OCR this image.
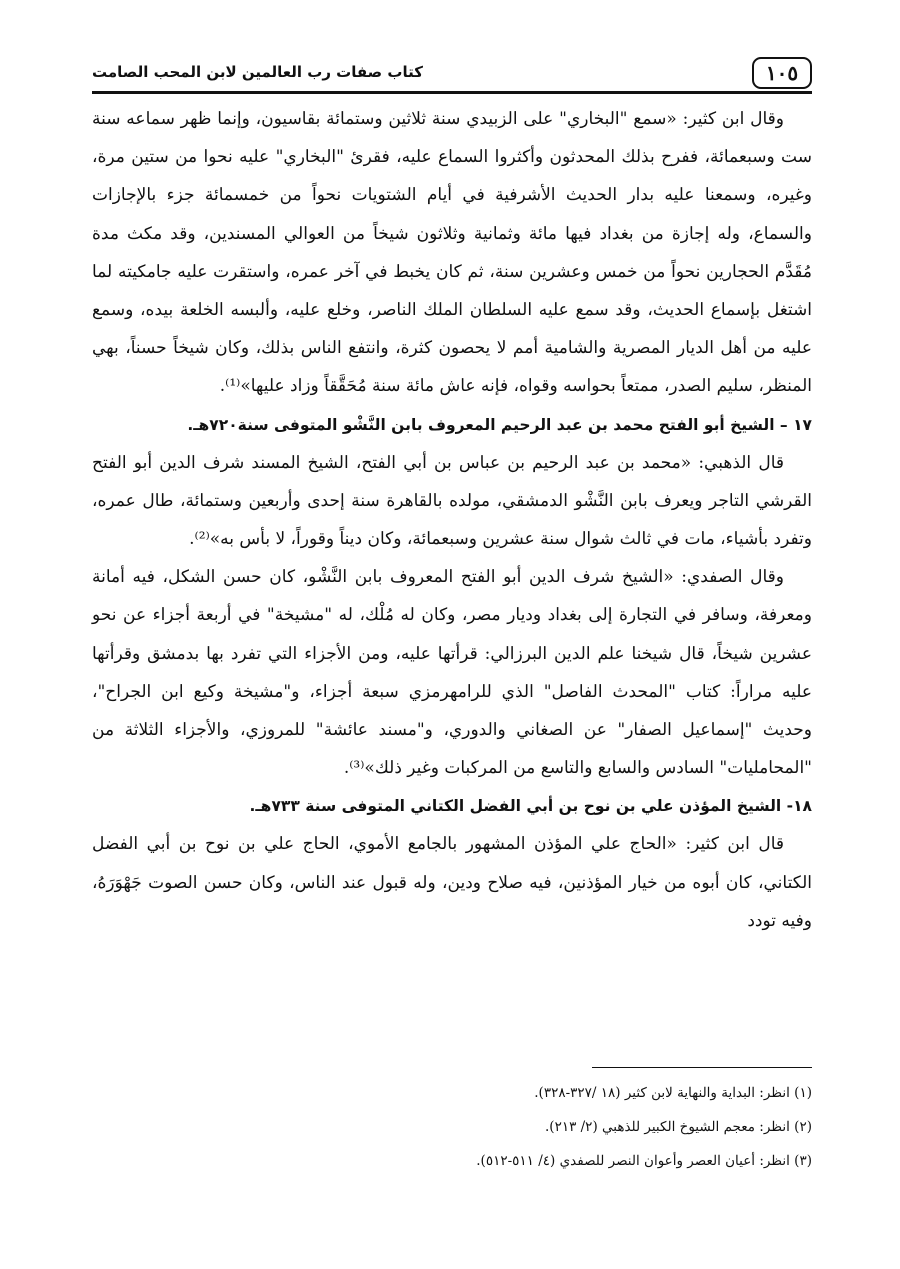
١٠٥
كتاب صفات رب العالمين لابن المحب الصامت

وقال ابن كثير: «سمع "البخاري" على الزبيدي سنة ثلاثين وستمائة بقاسيون، وإنما ظهر سماعه سنة ست وسبعمائة، ففرح بذلك المحدثون وأكثروا السماع عليه، فقرئ "البخاري" عليه نحوا من ستين مرة، وغيره، وسمعنا عليه بدار الحديث الأشرفية في أيام الشتويات نحواً من خمسمائة جزء بالإجازات والسماع، وله إجازة من بغداد فيها مائة وثمانية وثلاثون شيخاً من العوالي المسندين، وقد مكث مدة مُقَدَّم الحجارين نحواً من خمس وعشرين سنة، ثم كان يخبط في آخر عمره، واستقرت عليه جامكيته لما اشتغل بإسماع الحديث، وقد سمع عليه السلطان الملك الناصر، وخلع عليه، وألبسه الخلعة بيده، وسمع عليه من أهل الديار المصرية والشامية أمم لا يحصون كثرة، وانتفع الناس بذلك، وكان شيخاً حسناً، بهي المنظر، سليم الصدر، ممتعاً بحواسه وقواه، فإنه عاش مائة سنة مُحَقَّقاً وزاد عليها»⁽¹⁾.

١٧ – الشيخ أبو الفتح محمد بن عبد الرحيم المعروف بابن النَّشْو المتوفى سنة٧٢٠هـ.

قال الذهبي: «محمد بن عبد الرحيم بن عباس بن أبي الفتح، الشيخ المسند شرف الدين أبو الفتح القرشي التاجر ويعرف بابن النَّشْو الدمشقي، مولده بالقاهرة سنة إحدى وأربعين وستمائة، طال عمره، وتفرد بأشياء، مات في ثالث شوال سنة عشرين وسبعمائة، وكان ديناً وقوراً، لا بأس به»⁽²⁾.

وقال الصفدي: «الشيخ شرف الدين أبو الفتح المعروف بابن النَّشْو، كان حسن الشكل، فيه أمانة ومعرفة، وسافر في التجارة إلى بغداد وديار مصر، وكان له مُلْك، له "مشيخة" في أربعة أجزاء عن نحو عشرين شيخاً، قال شيخنا علم الدين البرزالي: قرأتها عليه، ومن الأجزاء التي تفرد بها بدمشق وقرأتها عليه مراراً: كتاب "المحدث الفاصل" الذي للرامهرمزي سبعة أجزاء، و"مشيخة وكيع ابن الجراح"، وحديث "إسماعيل الصفار" عن الصغاني والدوري، و"مسند عائشة" للمروزي، والأجزاء الثلاثة من "المحامليات" السادس والسابع والتاسع من المركبات وغير ذلك»⁽³⁾.

١٨- الشيخ المؤذن علي بن نوح بن أبي الفضل الكتاني المتوفى سنة ٧٣٣هـ.

قال ابن كثير: «الحاج علي المؤذن المشهور بالجامع الأموي، الحاج علي بن نوح بن أبي الفضل الكتاني، كان أبوه من خيار المؤذنين، فيه صلاح ودين، وله قبول عند الناس، وكان حسن الصوت جَهْوَرَهُ، وفيه تودد

(١) انظر: البداية والنهاية لابن كثير (١٨ /٣٢٧-٣٢٨).
(٢) انظر: معجم الشيوخ الكبير للذهبي (٢/ ٢١٣).
(٣) انظر: أعيان العصر وأعوان النصر للصفدي (٤/ ٥١١-٥١٢).
